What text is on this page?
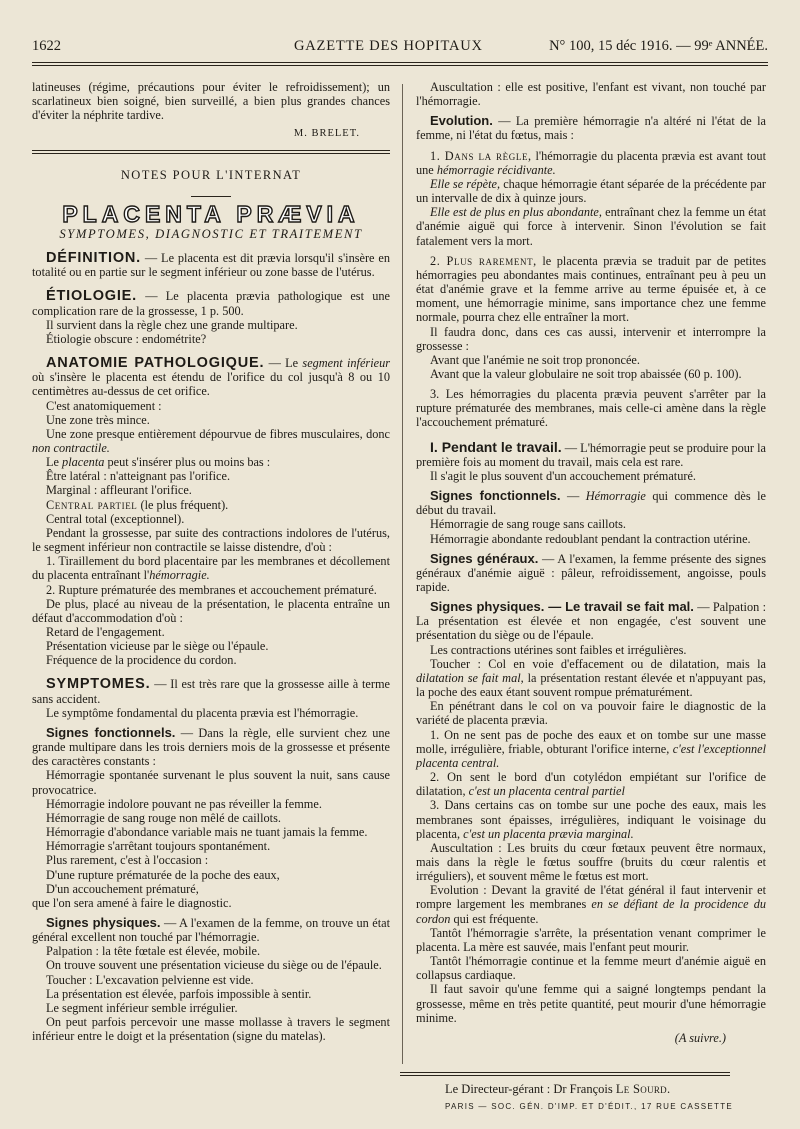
1622	GAZETTE DES HOPITAUX	N° 100, 15 déc 1916. — 99ᵉ ANNÉE.

latineuses (régime, précautions pour éviter le refroidissement); un scarlatineux bien soigné, bien surveillé, a bien plus grandes chances d'éviter la néphrite tardive.

M. BRELET.

NOTES POUR L'INTERNAT

PLACENTA PRÆVIA

SYMPTOMES, DIAGNOSTIC ET TRAITEMENT

DÉFINITION. — Le placenta est dit prævia lorsqu'il s'insère en totalité ou en partie sur le segment inférieur ou zone basse de l'utérus.

ÉTIOLOGIE. — Le placenta prævia pathologique est une complication rare de la grossesse, 1 p. 500.

Il survient dans la règle chez une grande multipare.

Étiologie obscure : endométrite?

ANATOMIE PATHOLOGIQUE. — Le segment inférieur où s'insère le placenta est étendu de l'orifice du col jusqu'à 8 ou 10 centimètres au-dessus de cet orifice.

C'est anatomiquement :

Une zone très mince.

Une zone presque entièrement dépourvue de fibres musculaires, donc non contractile.

Le placenta peut s'insérer plus ou moins bas :

Être latéral : n'atteignant pas l'orifice.

Marginal : affleurant l'orifice.

Central partiel (le plus fréquent).

Central total (exceptionnel).

Pendant la grossesse, par suite des contractions indolores de l'utérus, le segment inférieur non contractile se laisse distendre, d'où :

1. Tiraillement du bord placentaire par les membranes et décollement du placenta entraînant l'hémorragie.

2. Rupture prématurée des membranes et accouchement prématuré.

De plus, placé au niveau de la présentation, le placenta entraîne un défaut d'accommodation d'où :

Retard de l'engagement.

Présentation vicieuse par le siège ou l'épaule.

Fréquence de la procidence du cordon.

SYMPTOMES. — Il est très rare que la grossesse aille à terme sans accident.

Le symptôme fondamental du placenta prævia est l'hémorragie.

Signes fonctionnels. — Dans la règle, elle survient chez une grande multipare dans les trois derniers mois de la grossesse et présente des caractères constants :

Hémorragie spontanée survenant le plus souvent la nuit, sans cause provocatrice.

Hémorragie indolore pouvant ne pas réveiller la femme.

Hémorragie de sang rouge non mêlé de caillots.

Hémorragie d'abondance variable mais ne tuant jamais la femme.

Hémorragie s'arrêtant toujours spontanément.

Plus rarement, c'est à l'occasion :

D'une rupture prématurée de la poche des eaux,

D'un accouchement prématuré,

que l'on sera amené à faire le diagnostic.

Signes physiques. — A l'examen de la femme, on trouve un état général excellent non touché par l'hémorragie.

Palpation : la tête fœtale est élevée, mobile.

On trouve souvent une présentation vicieuse du siège ou de l'épaule.

Toucher : L'excavation pelvienne est vide.

La présentation est élevée, parfois impossible à sentir.

Le segment inférieur semble irrégulier.

On peut parfois percevoir une masse mollasse à travers le segment inférieur entre le doigt et la présentation (signe du matelas).

Auscultation : elle est positive, l'enfant est vivant, non touché par l'hémorragie.

Evolution. — La première hémorragie n'a altéré ni l'état de la femme, ni l'état du fœtus, mais :

1. Dans la règle, l'hémorragie du placenta prævia est avant tout une hémorragie récidivante.

Elle se répète, chaque hémorragie étant séparée de la précédente par un intervalle de dix à quinze jours.

Elle est de plus en plus abondante, entraînant chez la femme un état d'anémie aiguë qui force à intervenir. Sinon l'évolution se fait fatalement vers la mort.

2. Plus rarement, le placenta prævia se traduit par de petites hémorragies peu abondantes mais continues, entraînant peu à peu un état d'anémie grave et la femme arrive au terme épuisée et, à ce moment, une hémorragie minime, sans importance chez une femme normale, pourra chez elle entraîner la mort.

Il faudra donc, dans ces cas aussi, intervenir et interrompre la grossesse :

Avant que l'anémie ne soit trop prononcée.

Avant que la valeur globulaire ne soit trop abaissée (60 p. 100).

3. Les hémorragies du placenta prævia peuvent s'arrêter par la rupture prématurée des membranes, mais celle-ci amène dans la règle l'accouchement prématuré.

I. Pendant le travail. — L'hémorragie peut se produire pour la première fois au moment du travail, mais cela est rare.

Il s'agit le plus souvent d'un accouchement prématuré.

Signes fonctionnels. — Hémorragie qui commence dès le début du travail.

Hémorragie de sang rouge sans caillots.

Hémorragie abondante redoublant pendant la contraction utérine.

Signes généraux. — A l'examen, la femme présente des signes généraux d'anémie aiguë : pâleur, refroidissement, angoisse, pouls rapide.

Signes physiques. — Le travail se fait mal. — Palpation : La présentation est élevée et non engagée, c'est souvent une présentation du siège ou de l'épaule.

Les contractions utérines sont faibles et irrégulières.

Toucher : Col en voie d'effacement ou de dilatation, mais la dilatation se fait mal, la présentation restant élevée et n'appuyant pas, la poche des eaux étant souvent rompue prématurément.

En pénétrant dans le col on va pouvoir faire le diagnostic de la variété de placenta prævia.

1. On ne sent pas de poche des eaux et on tombe sur une masse molle, irrégulière, friable, obturant l'orifice interne, c'est l'exceptionnel placenta central.

2. On sent le bord d'un cotylédon empiétant sur l'orifice de dilatation, c'est un placenta central partiel

3. Dans certains cas on tombe sur une poche des eaux, mais les membranes sont épaisses, irrégulières, indiquant le voisinage du placenta, c'est un placenta prævia marginal.

Auscultation : Les bruits du cœur fœtaux peuvent être normaux, mais dans la règle le fœtus souffre (bruits du cœur ralentis et irréguliers), et souvent même le fœtus est mort.

Evolution : Devant la gravité de l'état général il faut intervenir et rompre largement les membranes en se défiant de la procidence du cordon qui est fréquente.

Tantôt l'hémorragie s'arrête, la présentation venant comprimer le placenta. La mère est sauvée, mais l'enfant peut mourir.

Tantôt l'hémorragie continue et la femme meurt d'anémie aiguë en collapsus cardiaque.

Il faut savoir qu'une femme qui a saigné longtemps pendant la grossesse, même en très petite quantité, peut mourir d'une hémorragie minime.

(A suivre.)

Le Directeur-gérant : Dr François Le Sourd.

PARIS — SOC. GÉN. D'IMP. ET D'ÉDIT., 17 RUE CASSETTE
